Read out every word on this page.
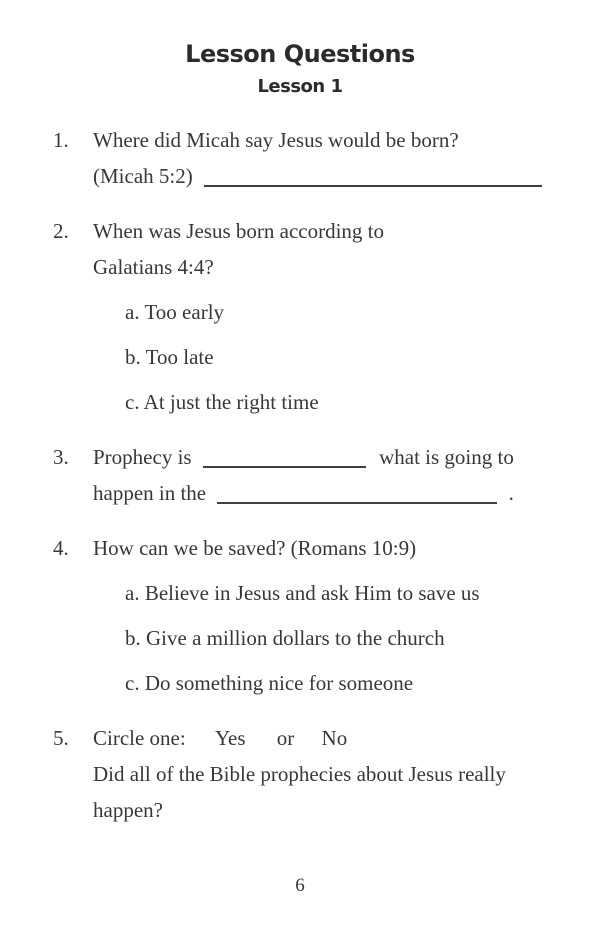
Lesson Questions
Lesson 1
1.	Where did Micah say Jesus would be born?
(Micah 5:2)
2.	When was Jesus born according to
Galatians 4:4?
a. Too early
b. Too late
c. At just the right time
3.	Prophecy is	what is going to
happen in the	.
4.	How can we be saved? (Romans 10:9)
a. Believe in Jesus and ask Him to save us
b. Give a million dollars to the church
c. Do something nice for someone
5.	Circle one: Yes or No
Did all of the Bible prophecies about Jesus really
happen?
6
